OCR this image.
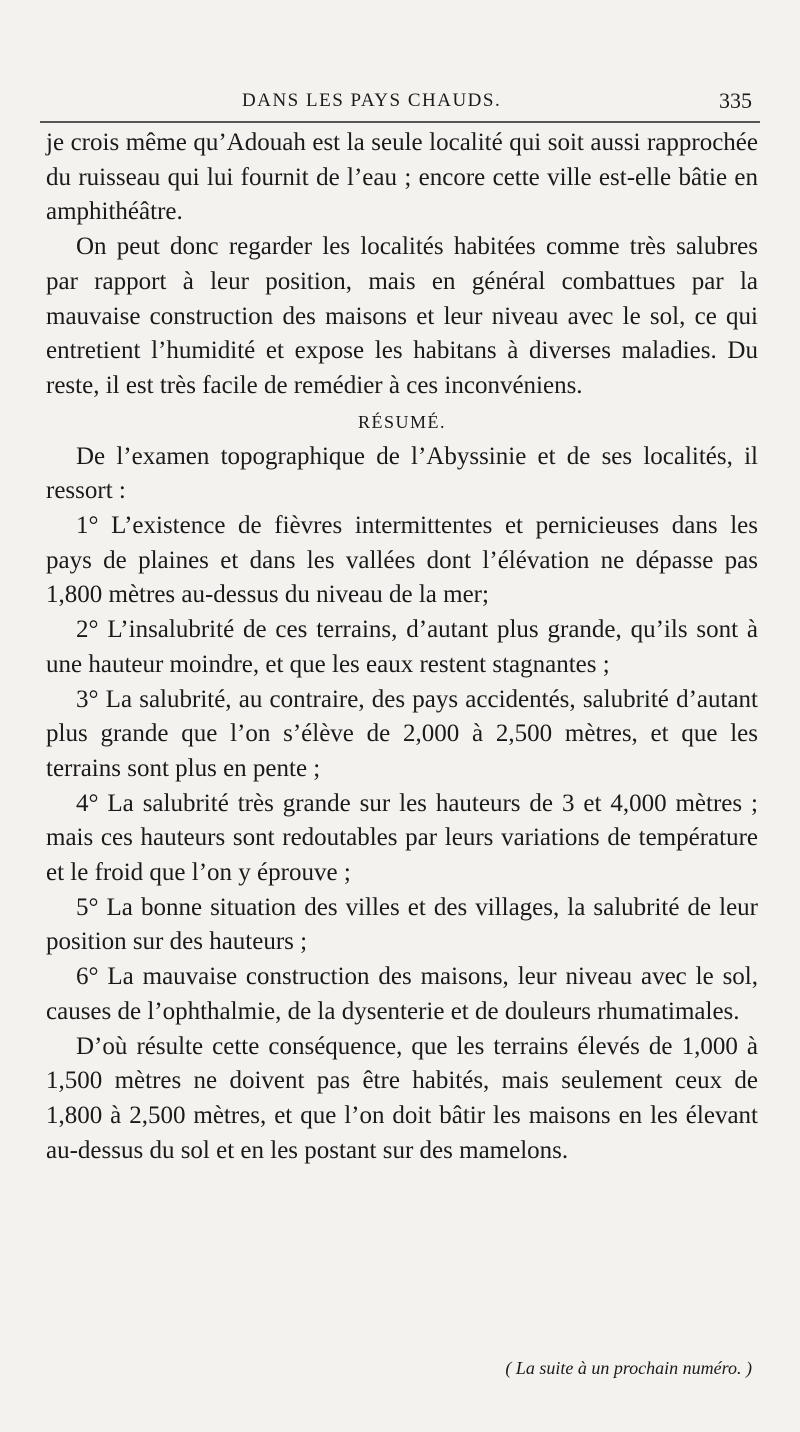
DANS LES PAYS CHAUDS.	335

je crois même qu’Adouah est la seule localité qui soit aussi rapprochée du ruisseau qui lui fournit de l’eau ; encore cette ville est-elle bâtie en amphithéâtre.

On peut donc regarder les localités habitées comme très salubres par rapport à leur position, mais en général combattues par la mauvaise construction des maisons et leur niveau avec le sol, ce qui entretient l’humidité et expose les habitans à diverses maladies. Du reste, il est très facile de remédier à ces inconvéniens.

RÉSUMÉ.

De l’examen topographique de l’Abyssinie et de ses localités, il ressort :

1° L’existence de fièvres intermittentes et pernicieuses dans les pays de plaines et dans les vallées dont l’élévation ne dépasse pas 1,800 mètres au-dessus du niveau de la mer;

2° L’insalubrité de ces terrains, d’autant plus grande, qu’ils sont à une hauteur moindre, et que les eaux restent stagnantes ;

3° La salubrité, au contraire, des pays accidentés, salubrité d’autant plus grande que l’on s’élève de 2,000 à 2,500 mètres, et que les terrains sont plus en pente ;

4° La salubrité très grande sur les hauteurs de 3 et 4,000 mètres ; mais ces hauteurs sont redoutables par leurs variations de température et le froid que l’on y éprouve ;

5° La bonne situation des villes et des villages, la salubrité de leur position sur des hauteurs ;

6° La mauvaise construction des maisons, leur niveau avec le sol, causes de l’ophthalmie, de la dysenterie et de douleurs rhumatimales.

D’où résulte cette conséquence, que les terrains élevés de 1,000 à 1,500 mètres ne doivent pas être habités, mais seulement ceux de 1,800 à 2,500 mètres, et que l’on doit bâtir les maisons en les élevant au-dessus du sol et en les postant sur des mamelons.

( La suite à un prochain numéro. )
